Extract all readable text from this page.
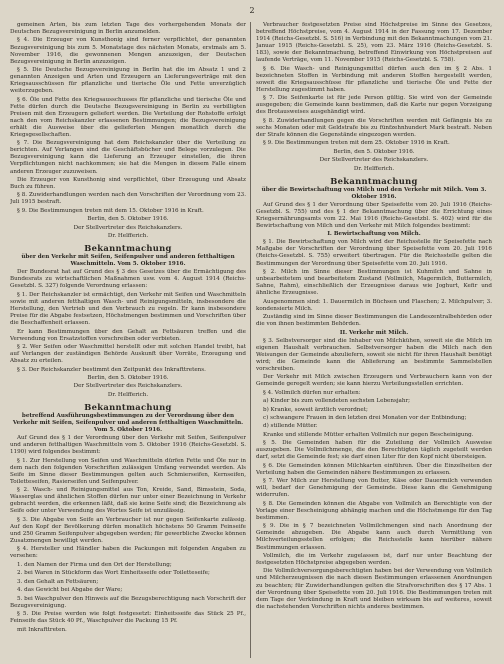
2

gemeinen Arten, bis zum letzten Tage des vorhergehenden Monats der Deutschen Bezugsvereinigung in Berlin anzumelden.

§ 4. Die Erzeuger von Kunsthonig sind ferner verpflichtet, der genannten Bezugsvereinigung bis zum 5. Monatstage des nächsten Monats, erstmals am 5. November 1916, die gewonnenen Mengen anzuzeigen, der Deutschen Bezugsvereinigung in Berlin anzuzeigen.

§ 5. Die Deutsche Bezugsvereinigung in Berlin hat die im Absatz 1 und 2 genannten Anzeigen und Arten und Erzeugern an Lieferungsverträge mit den Kriegsausschüssen für pflanzliche und tierische Öle und Fette unverzüglich weiterzugeben.

§ 6. Öle und Fette des Kriegsausschusses für pflanzliche und tierische Öle und Fette dürfen durch die Deutsche Bezugsvereinigung in Berlin zu verbilligten Preisen mit den Erzeugern geliefert werden. Die Verteilung der Rohstoffe erfolgt nach den vom Reichskanzler erlassenen Bestimmungen; die Bezugsvereinigung erhält die Ausweise über die gelieferten Mengen monatlich durch die Kriegsgesellschaften.

§ 7. Die Bezugsvereinigung hat dem Reichskanzler über die Verteilung zu berichten. Auf Verlangen sind die Geschäftsbücher und Belege vorzulegen. Die Bezugsvereinigung kann die Lieferung an Erzeuger einstellen, die ihren Verpflichtungen nicht nachkommen; sie hat die Mengen in diesem Falle einem anderen Erzeuger zuzuweisen.

Die Erzeuger von Kunsthonig sind verpflichtet, über Erzeugung und Absatz Buch zu führen.

§ 8. Zuwiderhandlungen werden nach den Vorschriften der Verordnung vom 23. Juli 1915 bestraft.

§ 9. Die Bestimmungen treten mit dem 15. Oktober 1916 in Kraft.

Berlin, den 5. Oktober 1916.

Der Stellvertreter des Reichskanzlers.

Dr. Helfferich.

Bekanntmachung

über den Verkehr mit Seifen, Seifenpulver und anderen fetthaltigen Waschmitteln. Vom 5. Oktober 1916.

Der Bundesrat hat auf Grund des § 3 des Gesetzes über die Ermächtigung des Bundesrats zu wirtschaftlichen Maßnahmen usw. vom 4. August 1914 (Reichs-Gesetzbl. S. 327) folgende Verordnung erlassen:

§ 1. Der Reichskanzler ist ermächtigt, den Verkehr mit Seifen und Waschmitteln sowie mit anderen fetthaltigen Wasch- und Reinigungsmitteln, insbesondere die Herstellung, den Vertrieb und den Verbrauch zu regeln. Er kann insbesondere Preise für die Abgabe festsetzen, Höchstmengen bestimmen und Vorschriften über die Beschaffenheit erlassen.

Er kann Bestimmungen über den Gehalt an Fettsäuren treffen und die Verwendung von Ersatzstoffen vorschreiben oder verbieten.

§ 2. Wer Seifen oder Waschmittel herstellt oder mit solchen Handel treibt, hat auf Verlangen der zuständigen Behörde Auskunft über Vorräte, Erzeugung und Absatz zu erteilen.

§ 3. Der Reichskanzler bestimmt den Zeitpunkt des Inkrafttretens.

Berlin, den 5. Oktober 1916.

Der Stellvertreter des Reichskanzlers.

Dr. Helfferich.

Bekanntmachung

betreffend Ausführungsbestimmungen zu der Verordnung über den Verkehr mit Seifen, Seifenpulver und anderen fetthaltigen Waschmitteln. Vom 5. Oktober 1916.

Auf Grund des § 1 der Verordnung über den Verkehr mit Seifen, Seifenpulver und anderen fetthaltigen Waschmitteln vom 5. Oktober 1916 (Reichs-Gesetzbl. S. 1190) wird folgendes bestimmt:

§ 1. Zur Herstellung von Seifen und Waschmitteln dürfen Fette und Öle nur in dem nach den folgenden Vorschriften zulässigen Umfang verwendet werden. Als Seife im Sinne dieser Bestimmungen gelten auch Schmierseifen, Kernseifen, Toiletteseifen, Rasierseifen und Seifenpulver.

§ 2. Wasch- und Reinigungsmittel aus Ton, Kreide, Sand, Bimsstein, Soda, Wasserglas und ähnlichen Stoffen dürfen nur unter einer Bezeichnung in Verkehr gebracht werden, die erkennen läßt, daß sie keine Seife sind; die Bezeichnung als Seife oder unter Verwendung des Wortes Seife ist unzulässig.

§ 3. Die Abgabe von Seife an Verbraucher ist nur gegen Seifenkarte zulässig. Auf den Kopf der Bevölkerung dürfen monatlich höchstens 50 Gramm Feinseife und 250 Gramm Seifenpulver abgegeben werden; für gewerbliche Zwecke können Zusatzmengen bewilligt werden.

§ 4. Hersteller und Händler haben die Packungen mit folgenden Angaben zu versehen:

1. den Namen der Firma und den Ort der Herstellung;

2. bei Waren in Stückform das Wort Einheitsseife oder Toiletteseife;

3. den Gehalt an Fettsäuren;

4. das Gewicht bei Abgabe der Ware;

5. bei Waschpulver den Hinweis auf die Bezugsberechtigung nach Vorschrift der Bezugsvereinigung.

§ 5. Die Preise werden wie folgt festgesetzt: Einheitsseife das Stück 25 Pf., Feinseife das Stück 40 Pf., Waschpulver die Packung 15 Pf.

mit Inkrafttreten.

Verbraucher festgesetzten Preise sind Höchstpreise im Sinne des Gesetzes, betreffend Höchstpreise, vom 4. August 1914 in der Fassung vom 17. Dezember 1914 (Reichs-Gesetzbl. S. 516) in Verbindung mit den Bekanntmachungen vom 21. Januar 1915 (Reichs-Gesetzbl. S. 25), vom 23. März 1916 (Reichs-Gesetzbl. S. 183), sowie der Bekanntmachung, betreffend Einwirkung von Höchstpreisen auf laufende Verträge, vom 11. November 1915 (Reichs-Gesetzbl. S. 758).

§ 6. Die Wasch- und Reinigungsmittel dürfen auch den im § 2 Abs. 1 bezeichneten Stoffen in Verbindung mit anderen Stoffen hergestellt werden, soweit die Kriegsausschüsse für pflanzliche und tierische Öle und Fette der Herstellung zugestimmt haben.

§ 7. Die Seifenkarte ist für jede Person gültig. Sie wird von der Gemeinde ausgegeben; die Gemeinde kann bestimmen, daß die Karte nur gegen Vorzeigung des Brotausweises ausgehändigt wird.

§ 8. Zuwiderhandlungen gegen die Vorschriften werden mit Gefängnis bis zu sechs Monaten oder mit Geldstrafe bis zu fünfzehnhundert Mark bestraft. Neben der Strafe können die Gegenstände eingezogen werden.

§ 9. Die Bestimmungen treten mit dem 25. Oktober 1916 in Kraft.

Berlin, den 5. Oktober 1916.

Der Stellvertreter des Reichskanzlers.

Dr. Helfferich.

Bekanntmachung

über die Bewirtschaftung von Milch und den Verkehr mit Milch. Vom 3. Oktober 1916.

Auf Grund des § 1 der Verordnung über Speisefette vom 20. Juli 1916 (Reichs-Gesetzbl. S. 755) und des § 1 der Bekanntmachung über die Errichtung eines Kriegsernährungsamts vom 22. Mai 1916 (Reichs-Gesetzbl. S. 402) wird für die Bewirtschaftung von Milch und den Verkehr mit Milch folgendes bestimmt:

I. Bewirtschaftung von Milch.

§ 1. Die Bewirtschaftung von Milch wird der Reichsstelle für Speisefette nach Maßgabe der Vorschriften der Verordnung über Speisefette vom 20. Juli 1916 (Reichs-Gesetzbl. S. 755) erweitert übertragen. Für die Reichsstelle gelten die Bestimmungen der Verordnung über Speisefette vom 20. Juli 1916.

§ 2. Milch im Sinne dieser Bestimmungen ist Kuhmilch und Sahne in unbearbeitetem und bearbeitetem Zustand (Vollmilch, Magermilch, Buttermilch, Sahne, Rahm), einschließlich der Erzeugnisse daraus wie Joghurt, Kefir und ähnliche Erzeugnisse.

Ausgenommen sind: 1. Dauermilch in Büchsen und Flaschen; 2. Milchpulver; 3. kondensierte Milch.

Zuständig sind im Sinne dieser Bestimmungen die Landeszentralbehörden oder die von ihnen bestimmten Behörden.

II. Verkehr mit Milch.

§ 3. Selbstversorger sind die Inhaber von Milchkühen, soweit sie die Milch im eigenen Haushalt verbrauchen. Selbstversorger haben die Milch nach den Weisungen der Gemeinde abzuliefern, soweit sie nicht für ihren Haushalt benötigt wird; die Gemeinde kann die Ablieferung an bestimmte Sammelstellen vorschreiben.

Der Verkehr mit Milch zwischen Erzeugern und Verbrauchern kann von der Gemeinde geregelt werden; sie kann hierzu Verteilungsstellen errichten.

§ 4. Vollmilch dürfen nur erhalten:

a) Kinder bis zum vollendeten sechsten Lebensjahr;

b) Kranke, soweit ärztlich verordnet;

c) schwangere Frauen in den letzten drei Monaten vor der Entbindung;

d) stillende Mütter.

Kranke und stillende Mütter erhalten Vollmilch nur gegen Bescheinigung.

§ 5. Die Gemeinden haben für die Zuteilung der Vollmilch Ausweise auszugeben. Die Vollmilchmenge, die den Berechtigten täglich zugeteilt werden darf, setzt die Gemeinde fest; sie darf einen Liter für den Kopf nicht übersteigen.

§ 6. Die Gemeinden können Milchkarten einführen. Über die Einzelheiten der Verteilung haben die Gemeinden nähere Bestimmungen zu erlassen.

§ 7. Wer Milch zur Herstellung von Butter, Käse oder Dauermilch verwenden will, bedarf der Genehmigung der Gemeinde. Diese kann die Genehmigung widerrufen.

§ 8. Die Gemeinden können die Abgabe von Vollmilch an Berechtigte von der Vorlage einer Bescheinigung abhängig machen und die Höchstmenge für den Tag bestimmen.

§ 9. Die in § 7 bezeichneten Vollmilchmengen sind nach Anordnung der Gemeinde abzugeben. Die Abgabe kann auch durch Vermittlung von Milchverteilungsstellen erfolgen; die Reichsstelle kann hierüber nähere Bestimmungen erlassen.

Vollmilch, die im Verkehr zugelassen ist, darf nur unter Beachtung der festgesetzten Höchstpreise abgegeben werden.

Die Vollmilchversorgungsberechtigten haben bei der Verwendung von Vollmilch und Milcherzeugnissen die nach diesen Bestimmungen erlassenen Anordnungen zu beachten; für Zuwiderhandlungen gelten die Strafvorschriften des § 17 Abs. 1 der Verordnung über Speisefette vom 20. Juli 1916. Die Bestimmungen treten mit dem Tage der Verkündung in Kraft und bleiben wirksam bis auf weiteres, soweit die nachstehenden Vorschriften nichts anderes bestimmen.
